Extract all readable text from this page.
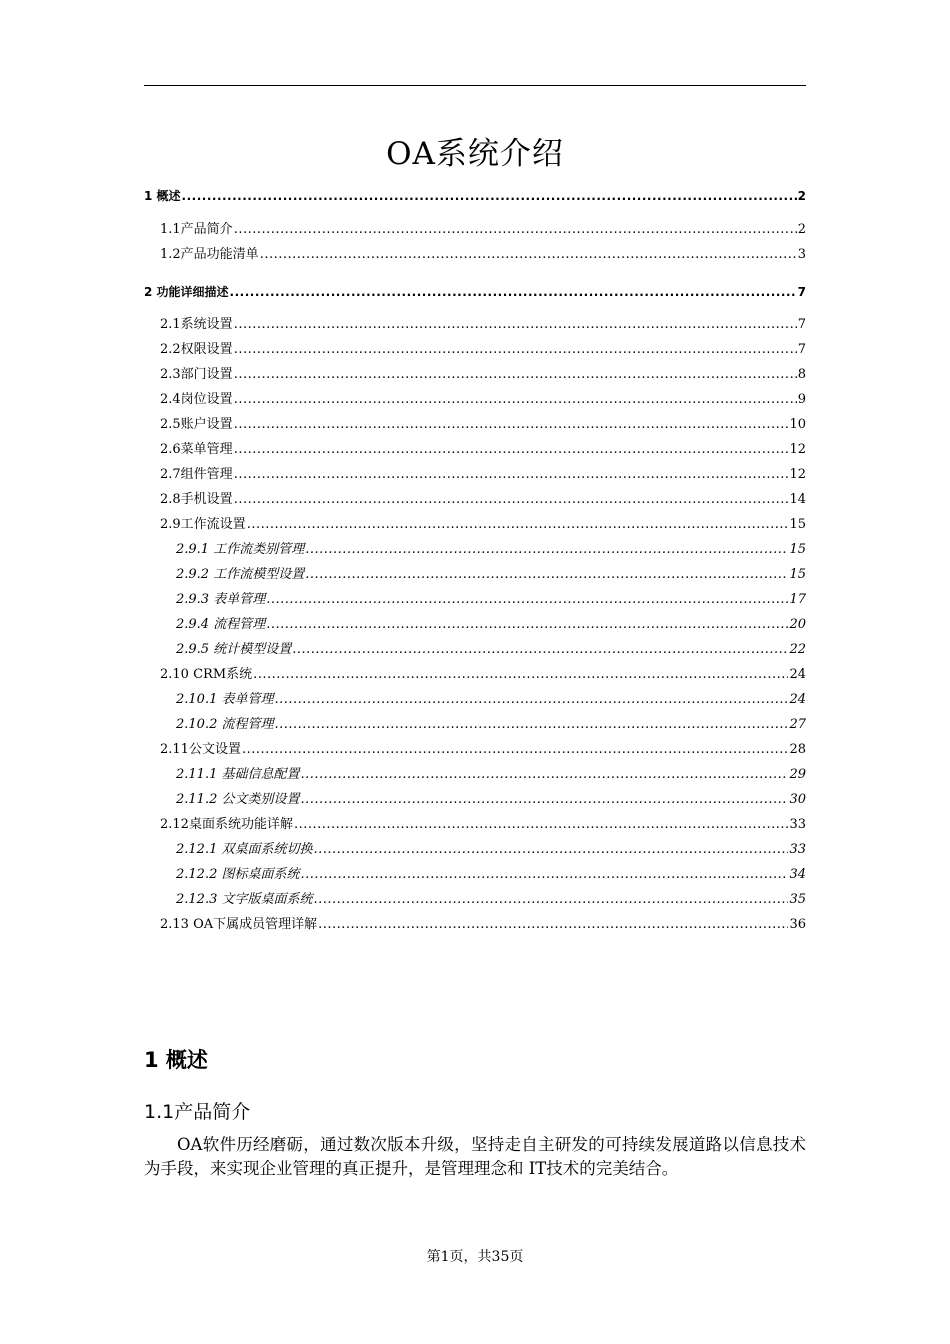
OA系统介绍
1 概述 .....	2
1.1产品简介 .....	2
1.2产品功能清单 .....	3
2 功能详细描述 .....	7
2.1系统设置 .....	7
2.2权限设置 .....	7
2.3部门设置 .....	8
2.4岗位设置 .....	9
2.5账户设置 .....	10
2.6菜单管理 .....	12
2.7组件管理 .....	12
2.8手机设置 .....	14
2.9工作流设置 .....	15
2.9.1 工作流类别管理 .....	15
2.9.2 工作流模型设置 .....	15
2.9.3 表单管理 .....	17
2.9.4 流程管理 .....	20
2.9.5 统计模型设置 .....	22
2.10 CRM系统 .....	24
2.10.1 表单管理 .....	24
2.10.2 流程管理 .....	27
2.11公文设置 .....	28
2.11.1 基础信息配置 .....	29
2.11.2 公文类别设置 .....	30
2.12桌面系统功能详解 .....	33
2.12.1 双桌面系统切换 .....	33
2.12.2 图标桌面系统 .....	34
2.12.3 文字版桌面系统 .....	35
2.13 OA下属成员管理详解 .....	36
1 概述
1.1产品简介
OA软件历经磨砺，通过数次版本升级，坚持走自主研发的可持续发展道路以信息技术为手段，来实现企业管理的真正提升，是管理理念和 IT技术的完美结合。
第1页，共35页
